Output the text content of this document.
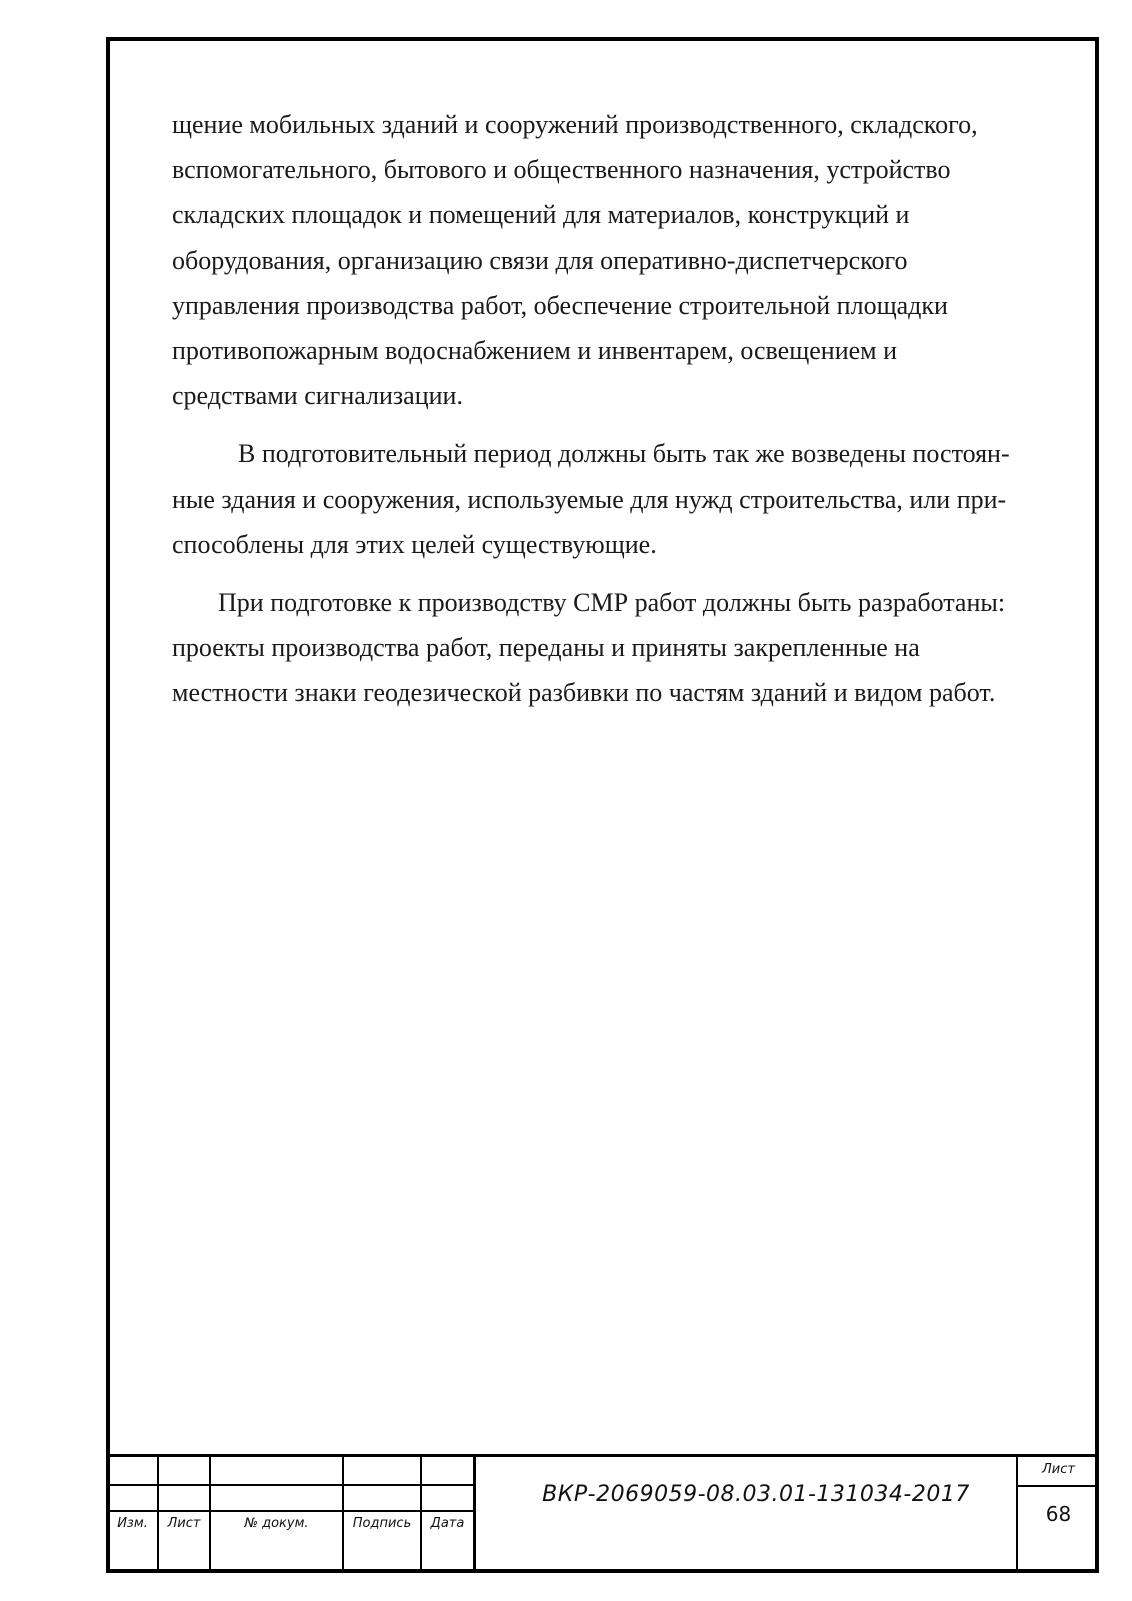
щение мобильных зданий и сооружений производственного, складского,
вспомогательного, бытового и общественного назначения, устройство
складских площадок и помещений для материалов, конструкций и
оборудования, организацию связи для оперативно-диспетчерского
управления производства работ, обеспечение строительной площадки
противопожарным водоснабжением и инвентарем, освещением и
средствами сигнализации.

В подготовительный период должны быть так же возведены постоян-
ные здания и сооружения, используемые для нужд строительства, или при-
способлены для этих целей существующие.

При подготовке к производству СМР работ должны быть разработаны:
проекты производства работ, переданы и приняты закрепленные на
местности знаки геодезической разбивки по частям зданий и видом работ.

Изм.	Лист	№ докум.	Подпись	Дата
ВКР-2069059-08.03.01-131034-2017
Лист
68
